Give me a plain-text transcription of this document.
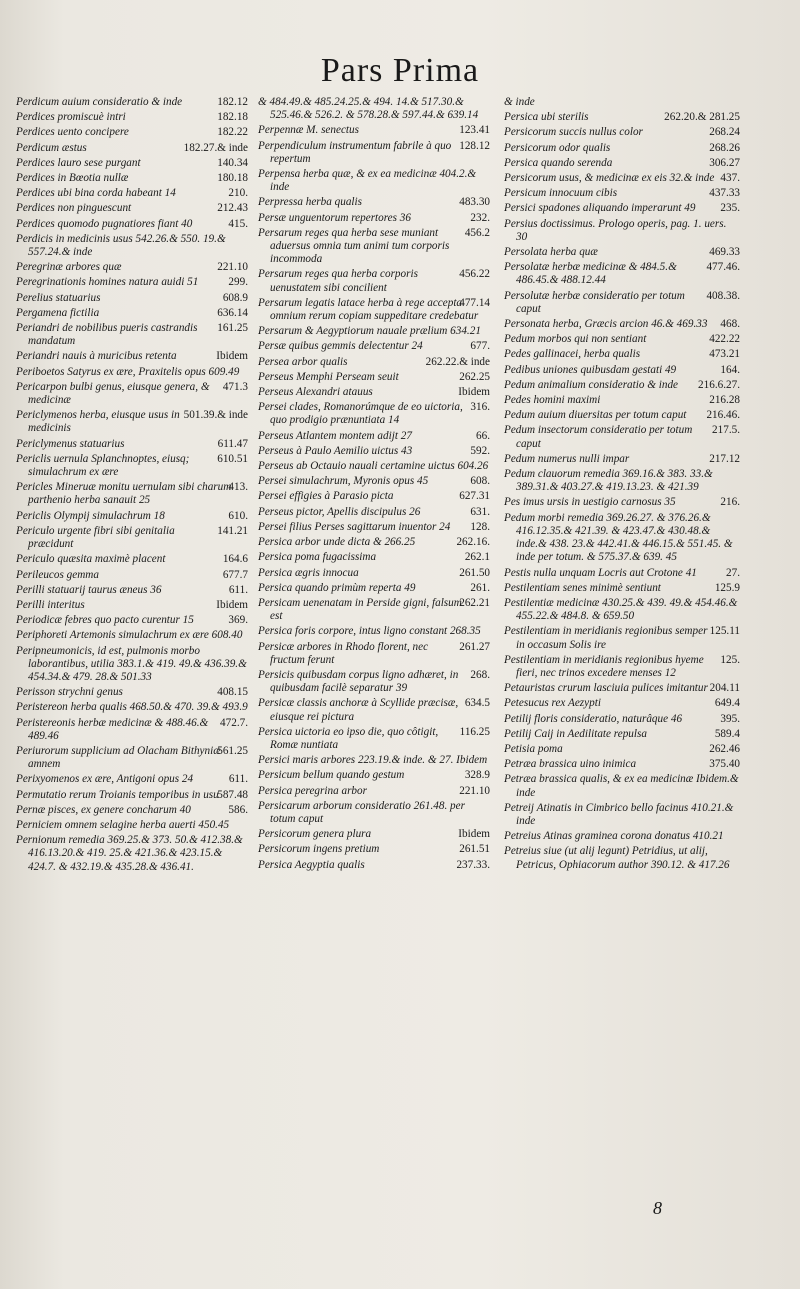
Pars Prima
182.12
Perdicum auium consideratio & inde
182.18
Perdices promiscuè intri
182.22
Perdices uento concipere
182.27.& inde
Perdicum æstus
140.34
Perdices lauro sese purgant
180.18
Perdices in Bœotia nullæ
210.
Perdices ubi bina corda habeant 14
212.43
Perdices non pinguescunt
415.
Perdices quomodo pugnatiores fiant 40
Perdicis in medicinis usus 542.26.& 550. 19.& 557.24.& inde
221.10
Peregrinæ arbores quæ
299.
Peregrinationis homines natura auidi 51
608.9
Perelius statuarius
636.14
Pergamena fictilia
161.25
Periandri de nobilibus pueris castrandis mandatum
Ibidem
Periandri nauis à muricibus retenta
Periboetos Satyrus ex ære, Praxitelis opus 609.49
471.3
Pericarpon bulbi genus, eiusque genera, & medicinæ
501.39.& inde
Periclymenos herba, eiusque usus in medicinis
611.47
Periclymenus statuarius
610.51
Periclis uernula Splanchnoptes, eiusq; simulachrum ex ære
413.
Pericles Mineruæ monitu uernulam sibi charum parthenio herba sanauit 25
610.
Periclis Olympij simulachrum 18
141.21
Periculo urgente fibri sibi genitalia præcidunt
164.6
Periculo quæsita maximè placent
677.7
Perileucos gemma
611.
Perilli statuarij taurus æneus 36
Ibidem
Perilli interitus
369.
Periodicæ febres quo pacto curentur 15
Periphoreti Artemonis simulachrum ex ære 608.40
Peripneumonicis, id est, pulmonis morbo laborantibus, utilia 383.1.& 419. 49.& 436.39.& 454.34.& 479. 28.& 501.33
408.15
Perisson strychni genus
Peristereon herba qualis 468.50.& 470. 39.& 493.9
472.7.
Peristereonis herbæ medicinæ & 488.46.& 489.46
561.25
Periurorum supplicium ad Olacham Bithyniæ amnem
611.
Perixyomenos ex ære, Antigoni opus 24
587.48
Permutatio rerum Troianis temporibus in usu
586.
Pernæ pisces, ex genere concharum 40
Perniciem omnem selagine herba auerti 450.45
Pernionum remedia 369.25.& 373. 50.& 412.38.& 416.13.20.& 419. 25.& 421.36.& 423.15.& 424.7. & 432.19.& 435.28.& 436.41.
& 484.49.& 485.24.25.& 494. 14.& 517.30.& 525.46.& 526.2. & 578.28.& 597.44.& 639.14
123.41
Perpennæ M. senectus
128.12
Perpendiculum instrumentum fabrile à quo repertum
Perpensa herba quæ, & ex ea medicinæ 404.2.& inde
483.30
Perpressa herba qualis
232.
Persæ unguentorum repertores 36
456.2
Persarum reges qua herba sese muniant aduersus omnia tum animi tum corporis incommoda
456.22
Persarum reges qua herba corporis uenustatem sibi concilient
477.14
Persarum legatis latace herba à rege accepta omnium rerum copiam suppeditare credebatur
Persarum & Aegyptiorum nauale prælium 634.21
677.
Persæ quibus gemmis delectentur 24
262.22.& inde
Persea arbor qualis
262.25
Perseus Memphi Perseam seuit
Ibidem
Perseus Alexandri atauus
316.
Persei clades, Romanorúmque de eo uictoria, quo prodigio prænuntiata 14
66.
Perseus Atlantem montem adijt 27
592.
Perseus à Paulo Aemilio uictus 43
Perseus ab Octauio nauali certamine uictus 604.26
608.
Persei simulachrum, Myronis opus 45
627.31
Persei effigies à Parasio picta
631.
Perseus pictor, Apellis discipulus 26
128.
Persei filius Perses sagittarum inuentor 24
262.16.
Persica arbor unde dicta & 266.25
262.1
Persica poma fugacissima
261.50
Persica ægris innocua
261.
Persica quando primùm reperta 49
262.21
Persicam uenenatam in Perside gigni, falsum est
Persica foris corpore, intus ligno constant 268.35
261.27
Persicæ arbores in Rhodo florent, nec fructum ferunt
268.
Persicis quibusdam corpus ligno adhæret, in quibusdam facilè separatur 39
634.5
Persicæ classis anchoræ à Scyllide præcisæ, eiusque rei pictura
116.25
Persica uictoria eo ipso die, quo côtigit, Romæ nuntiata
Persici maris arbores 223.19.& inde. & 27. Ibidem
328.9
Persicum bellum quando gestum
221.10
Persica peregrina arbor
Persicarum arborum consideratio 261.48. per totum caput
Ibidem
Persicorum genera plura
261.51
Persicorum ingens pretium
237.33.
Persica Aegyptia qualis
& inde
262.20.& 281.25
Persica ubi sterilis
268.24
Persicorum succis nullus color
268.26
Persicorum odor qualis
306.27
Persica quando serenda
437.
Persicorum usus, & medicinæ ex eis 32.& inde
437.33
Persicum innocuum cibis
235.
Persici spadones aliquando imperarunt 49
Persius doctissimus. Prologo operis, pag. 1. uers. 30
469.33
Persolata herba quæ
477.46.
Persolatæ herbæ medicinæ & 484.5.& 486.45.& 488.12.44
408.38.
Persolutæ herbæ consideratio per totum caput
468.
Personata herba, Græcis arcion 46.& 469.33
422.22
Pedum morbos qui non sentiant
473.21
Pedes gallinacei, herba qualis
164.
Pedibus uniones quibusdam gestati 49
216.6.27.
Pedum animalium consideratio & inde
216.28
Pedes homini maximi
216.46.
Pedum auium diuersitas per totum caput
217.5.
Pedum insectorum consideratio per totum caput
217.12
Pedum numerus nulli impar
Pedum clauorum remedia 369.16.& 383. 33.& 389.31.& 403.27.& 419.13.23. & 421.39
216.
Pes imus ursis in uestigio carnosus 35
Pedum morbi remedia 369.26.27. & 376.26.& 416.12.35.& 421.39. & 423.47.& 430.48.& inde.& 438. 23.& 442.41.& 446.15.& 551.45. & inde per totum. & 575.37.& 639. 45
27.
Pestis nulla unquam Locris aut Crotone 41
125.9
Pestilentiam senes minimè sentiunt
Pestilentiæ medicinæ 430.25.& 439. 49.& 454.46.& 455.22.& 484.8. & 659.50
125.11
Pestilentiam in meridianis regionibus semper in occasum Solis ire
125.
Pestilentiam in meridianis regionibus hyeme fieri, nec trinos excedere menses 12
204.11
Petauristas crurum lasciuia pulices imitantur
649.4
Petesucus rex Aezypti
395.
Petilij floris consideratio, naturâque 46
589.4
Petilij Caij in Aedilitate repulsa
262.46
Petisia poma
375.40
Petræa brassica uino inimica
Petræa brassica qualis, & ex ea medicinæ Ibidem.& inde
Petreij Atinatis in Cimbrico bello facinus 410.21.& inde
Petreius Atinas graminea corona donatus 410.21
Petreius siue (ut alij legunt) Petridius, ut alij, Petricus, Ophiacorum author 390.12. & 417.26
8
